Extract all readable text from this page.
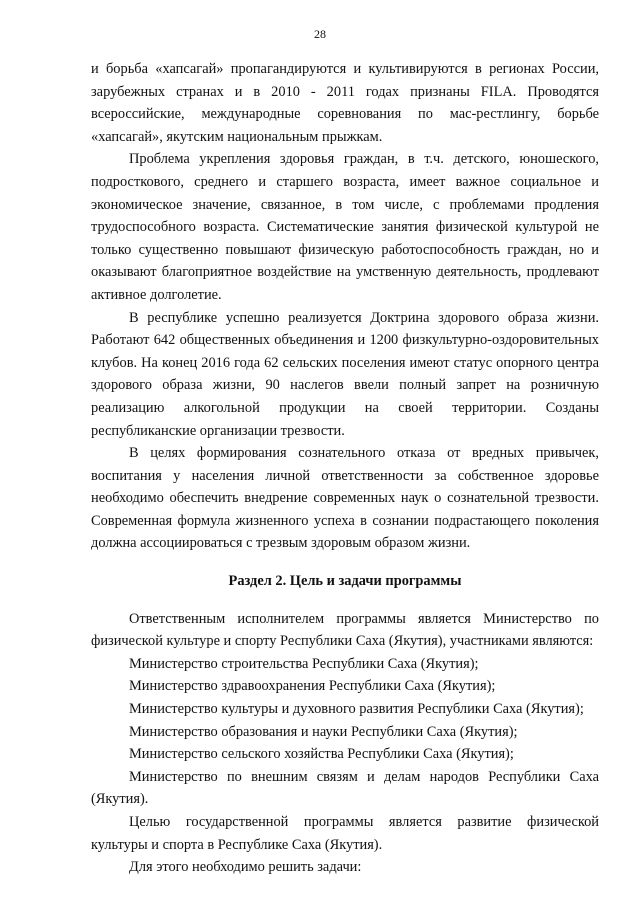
28

и борьба «хапсагай» пропагандируются и культивируются в регионах России, зарубежных странах и в 2010 - 2011 годах признаны FILA. Проводятся всероссийские, международные соревнования по мас-рестлингу, борьбе «хапсагай», якутским национальным прыжкам.

Проблема укрепления здоровья граждан, в т.ч. детского, юношеского, подросткового, среднего и старшего возраста, имеет важное социальное и экономическое значение, связанное, в том числе, с проблемами продления трудоспособного возраста. Систематические занятия физической культурой не только существенно повышают физическую работоспособность граждан, но и оказывают благоприятное воздействие на умственную деятельность, продлевают активное долголетие.

В республике успешно реализуется Доктрина здорового образа жизни. Работают 642 общественных объединения и 1200 физкультурно-оздоровительных клубов. На конец 2016 года 62 сельских поселения имеют статус опорного центра здорового образа жизни, 90 наслегов ввели полный запрет на розничную реализацию алкогольной продукции на своей территории. Созданы республиканские организации трезвости.

В целях формирования сознательного отказа от вредных привычек, воспитания у населения личной ответственности за собственное здоровье необходимо обеспечить внедрение современных наук о сознательной трезвости. Современная формула жизненного успеха в сознании подрастающего поколения должна ассоциироваться с трезвым здоровым образом жизни.

Раздел 2. Цель и задачи программы

Ответственным исполнителем программы является Министерство по физической культуре и спорту Республики Саха (Якутия), участниками являются:

Министерство строительства Республики Саха (Якутия);

Министерство здравоохранения Республики Саха (Якутия);

Министерство культуры и духовного развития Республики Саха (Якутия);

Министерство образования и науки Республики Саха (Якутия);

Министерство сельского хозяйства Республики Саха (Якутия);

Министерство по внешним связям и делам народов Республики Саха (Якутия).

Целью государственной программы является развитие физической культуры и спорта в Республике Саха (Якутия).

Для этого необходимо решить задачи:
